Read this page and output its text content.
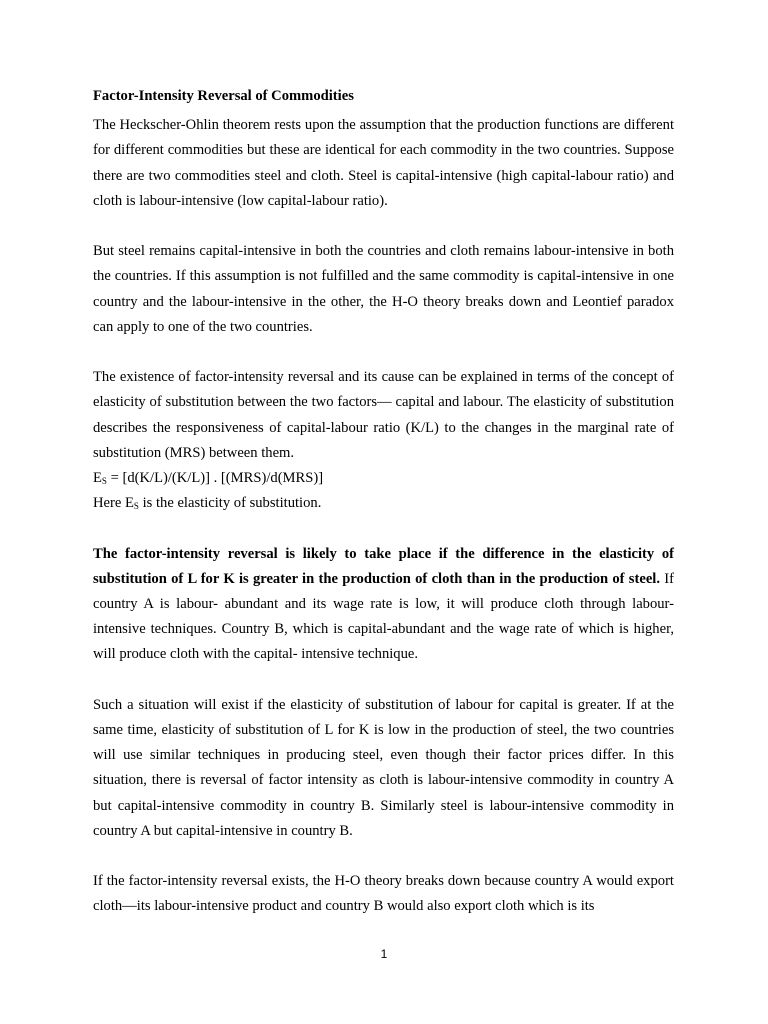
Factor-Intensity Reversal of Commodities

The Heckscher-Ohlin theorem rests upon the assumption that the production functions are different for different commodities but these are identical for each commodity in the two countries. Suppose there are two commodities steel and cloth. Steel is capital-intensive (high capital-labour ratio) and cloth is labour-intensive (low capital-labour ratio).

But steel remains capital-intensive in both the countries and cloth remains labour-intensive in both the countries. If this assumption is not fulfilled and the same commodity is capital-intensive in one country and the labour-intensive in the other, the H-O theory breaks down and Leontief paradox can apply to one of the two countries.

The existence of factor-intensity reversal and its cause can be explained in terms of the concept of elasticity of substitution between the two factors— capital and labour. The elasticity of substitution describes the responsiveness of capital-labour ratio (K/L) to the changes in the marginal rate of substitution (MRS) between them.

$E_S = [d(K/L)/(K/L)]$ . [(MRS)/d(MRS)]
Here $E_S$ is the elasticity of substitution.

The factor-intensity reversal is likely to take place if the difference in the elasticity of substitution of L for K is greater in the production of cloth than in the production of steel. If country A is labour- abundant and its wage rate is low, it will produce cloth through labour-intensive techniques. Country B, which is capital-abundant and the wage rate of which is higher, will produce cloth with the capital- intensive technique.

Such a situation will exist if the elasticity of substitution of labour for capital is greater. If at the same time, elasticity of substitution of L for K is low in the production of steel, the two countries will use similar techniques in producing steel, even though their factor prices differ. In this situation, there is reversal of factor intensity as cloth is labour-intensive commodity in country A but capital-intensive commodity in country B. Similarly steel is labour-intensive commodity in country A but capital-intensive in country B.

If the factor-intensity reversal exists, the H-O theory breaks down because country A would export cloth—its labour-intensive product and country B would also export cloth which is its

1
